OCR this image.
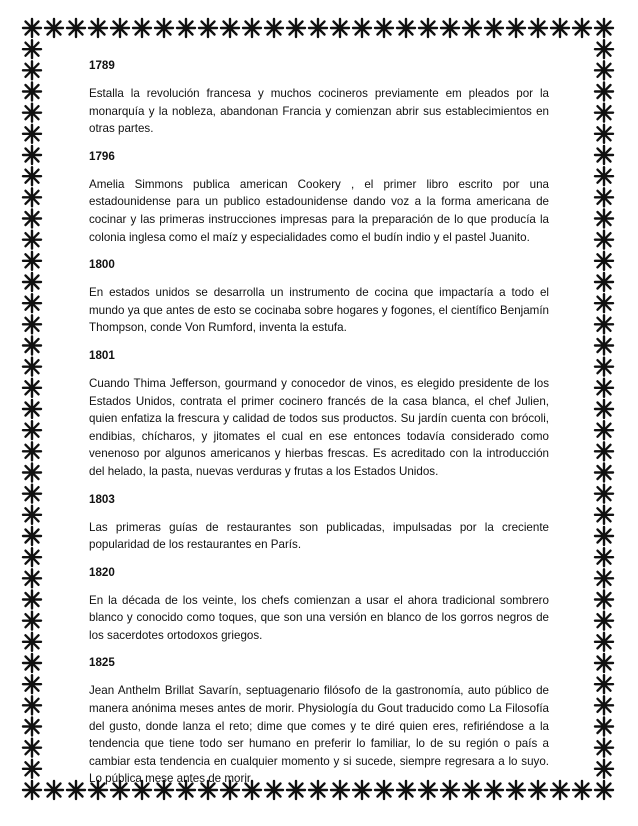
1789

Estalla la revolución francesa y muchos cocineros previamente em pleados por la monarquía y la nobleza, abandonan Francia y comienzan abrir sus establecimientos en otras partes.

1796

Amelia Simmons publica american Cookery , el primer libro escrito por una estadounidense para un publico estadounidense dando voz a la forma americana de cocinar y las primeras instrucciones impresas para la preparación de lo que producía la colonia inglesa como el maíz y especialidades como el budín indio y el pastel Juanito.

1800

En estados unidos se desarrolla un instrumento de cocina que impactaría a todo el mundo ya que antes de esto se cocinaba sobre hogares y fogones, el científico Benjamín Thompson, conde Von Rumford, inventa la estufa.

1801

Cuando Thima Jefferson, gourmand y conocedor de vinos, es elegido presidente de los Estados Unidos, contrata el primer cocinero francés de la casa blanca, el chef Julien, quien enfatiza la frescura y calidad de todos sus productos. Su jardín cuenta con brócoli, endibias, chícharos, y jitomates el cual en ese entonces todavía considerado como venenoso por algunos americanos y hierbas frescas. Es acreditado con la introducción del helado, la pasta, nuevas verduras y frutas a los Estados Unidos.

1803

Las primeras guías de restaurantes son publicadas, impulsadas por la creciente popularidad de los restaurantes en París.

1820

En la década de los veinte, los chefs comienzan a usar el ahora tradicional sombrero blanco y conocido como toques, que son una versión en blanco de los gorros negros de los sacerdotes ortodoxos griegos.

1825

Jean Anthelm Brillat Savarín, septuagenario filósofo de la gastronomía, auto público de manera anónima meses antes de morir. Physiología du Gout traducido como La Filosofía del gusto, donde lanza el reto; dime que comes y te diré quien eres, refiriéndose a la tendencia que tiene todo ser humano en preferir lo familiar, lo de su región o país a cambiar esta tendencia en cualquier momento y si sucede, siempre regresara a lo suyo. Lo pública mese antes de morir.
